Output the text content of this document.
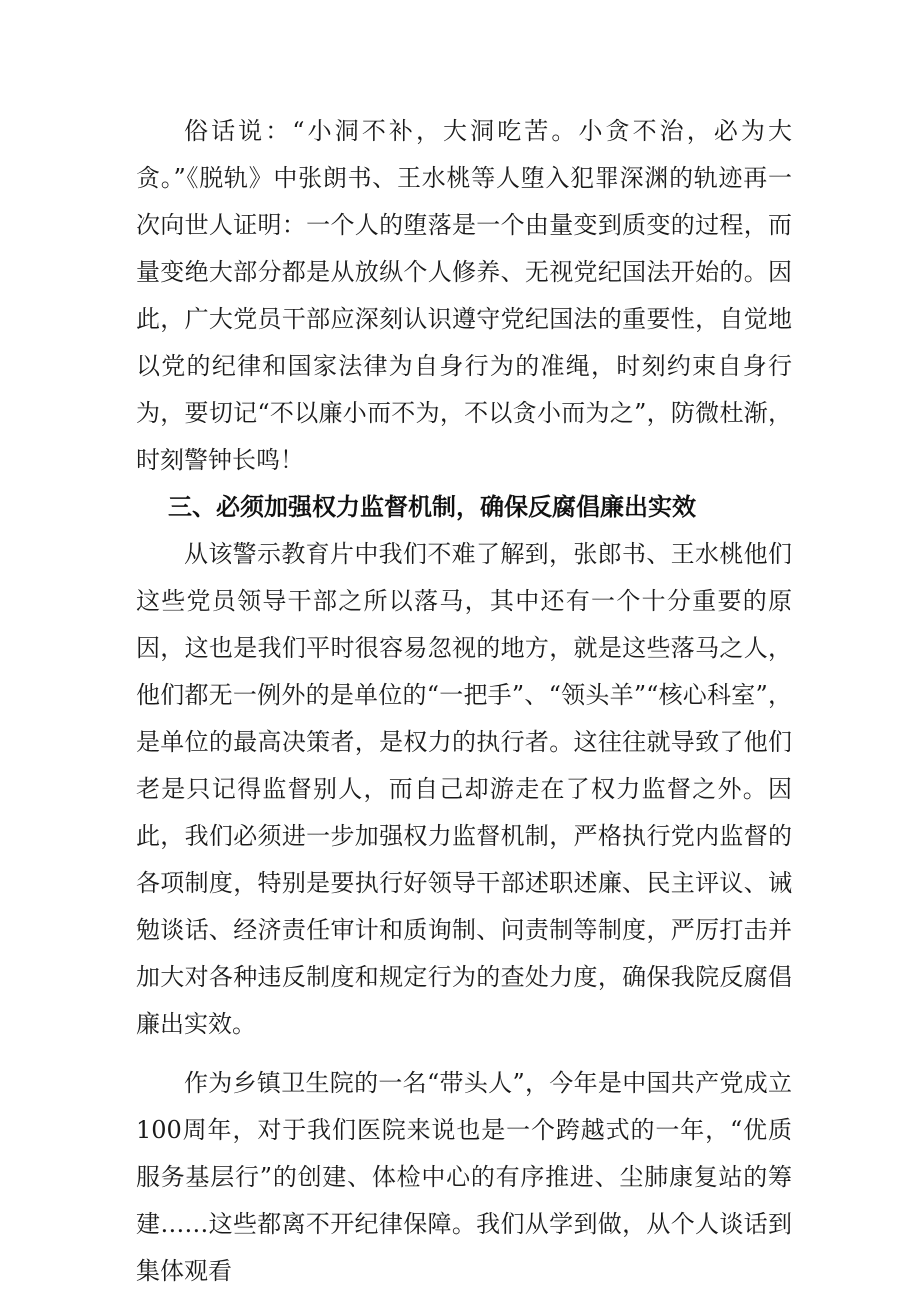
俗话说：“小洞不补，大洞吃苦。小贪不治，必为大贪。”《脱轨》中张朗书、王水桃等人堕入犯罪深渊的轨迹再一次向世人证明：一个人的堕落是一个由量变到质变的过程，而量变绝大部分都是从放纵个人修养、无视党纪国法开始的。因此，广大党员干部应深刻认识遵守党纪国法的重要性，自觉地以党的纪律和国家法律为自身行为的准绳，时刻约束自身行为，要切记“不以廉小而不为，不以贪小而为之”，防微杜渐，时刻警钟长鸣！

三、必须加强权力监督机制，确保反腐倡廉出实效

从该警示教育片中我们不难了解到，张郎书、王水桃他们这些党员领导干部之所以落马，其中还有一个十分重要的原因，这也是我们平时很容易忽视的地方，就是这些落马之人，他们都无一例外的是单位的“一把手”、“领头羊”“核心科室”，是单位的最高决策者，是权力的执行者。这往往就导致了他们老是只记得监督别人，而自己却游走在了权力监督之外。因此，我们必须进一步加强权力监督机制，严格执行党内监督的各项制度，特别是要执行好领导干部述职述廉、民主评议、诫勉谈话、经济责任审计和质询制、问责制等制度，严厉打击并加大对各种违反制度和规定行为的查处力度，确保我院反腐倡廉出实效。

作为乡镇卫生院的一名“带头人”，今年是中国共产党成立100周年，对于我们医院来说也是一个跨越式的一年，“优质服务基层行”的创建、体检中心的有序推进、尘肺康复站的筹建……这些都离不开纪律保障。我们从学到做，从个人谈话到集体观看
